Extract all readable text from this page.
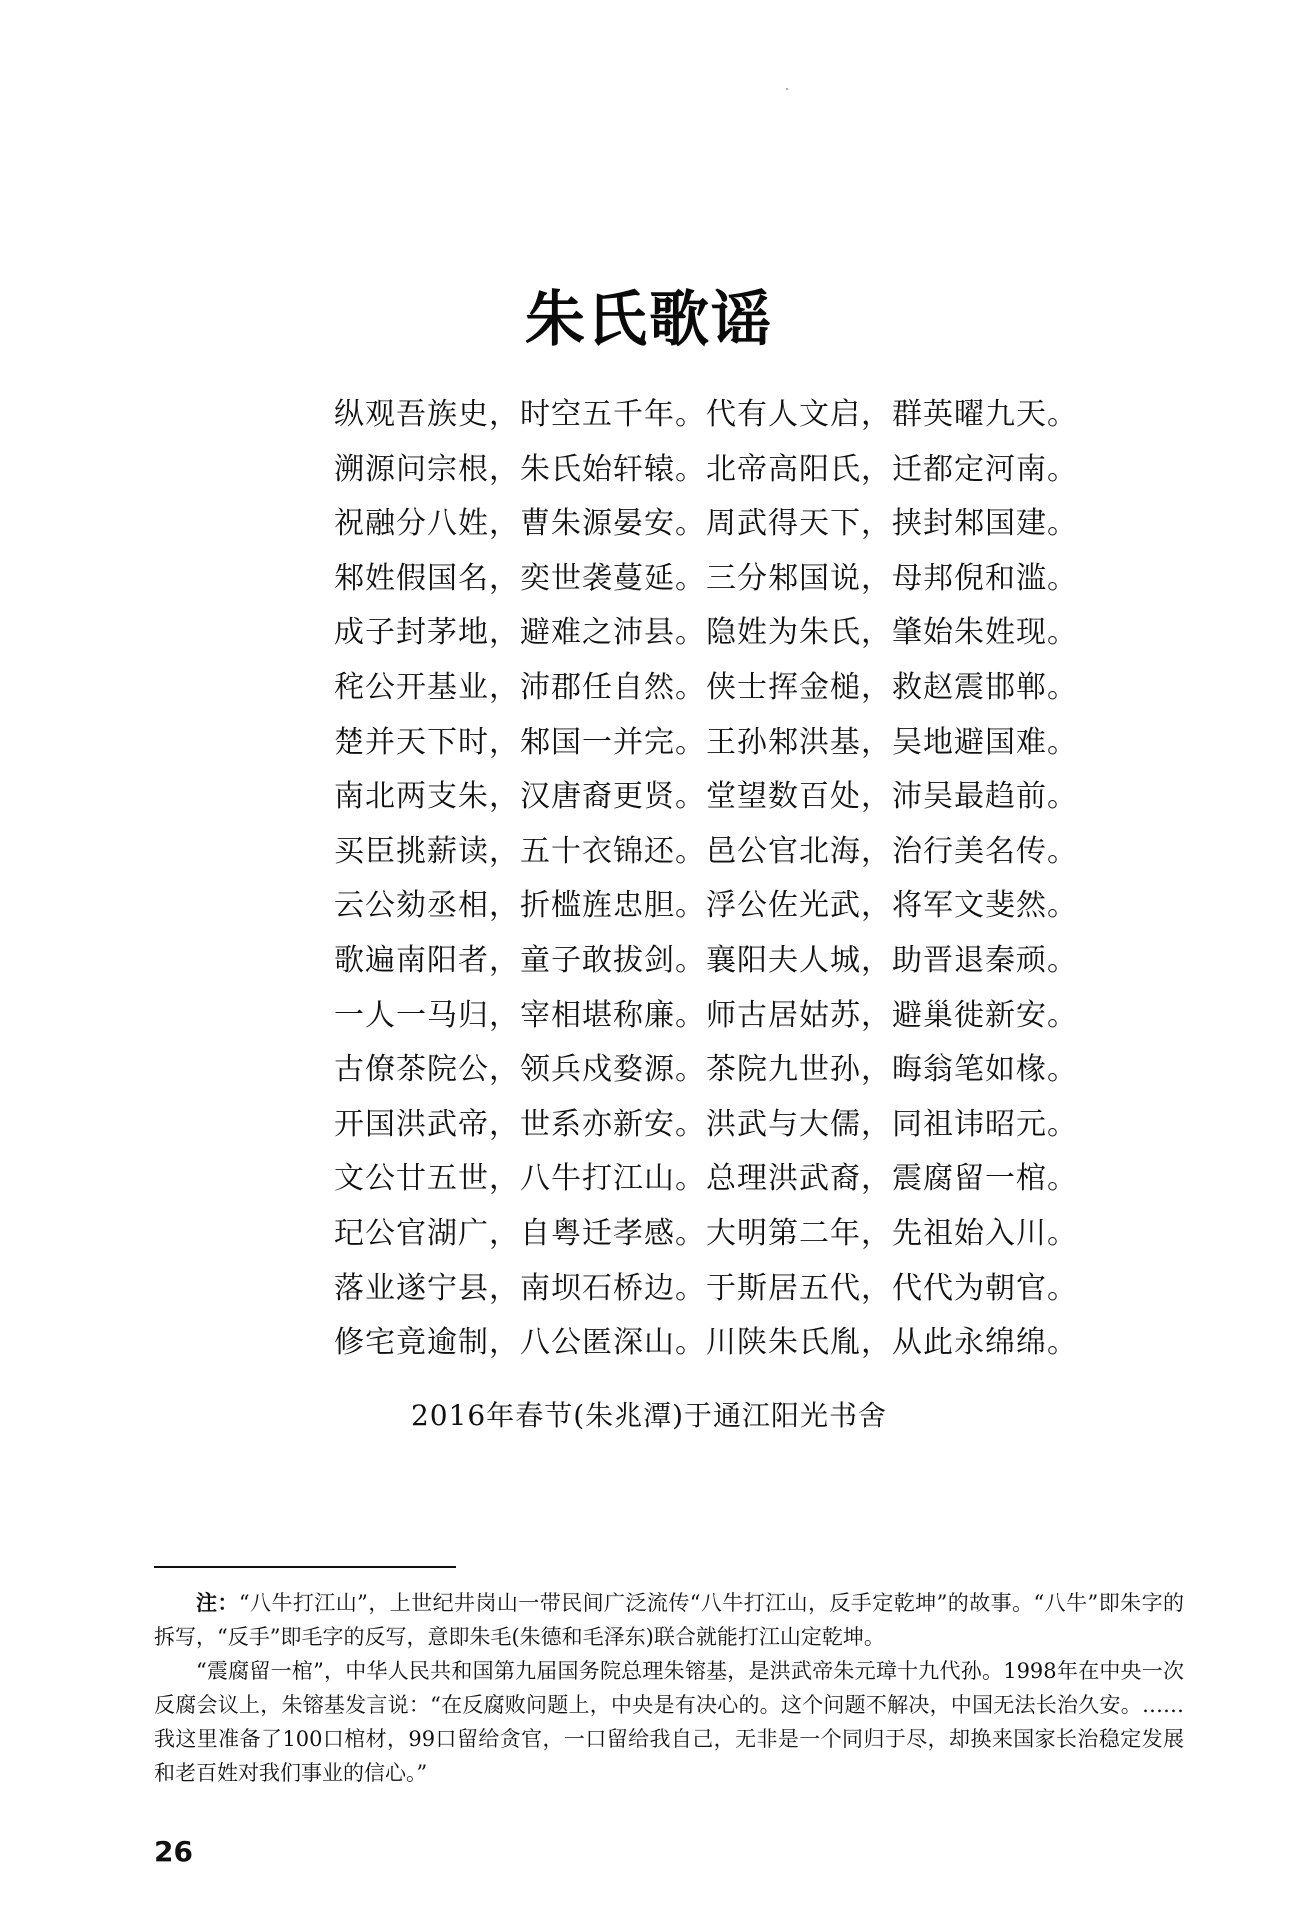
朱氏歌谣
纵观吾族史，时空五千年。代有人文启，群英曜九天。
溯源问宗根，朱氏始轩辕。北帝高阳氏，迁都定河南。
祝融分八姓，曹朱源晏安。周武得天下，挟封邾国建。
邾姓假国名，奕世袭蔓延。三分邾国说，母邦倪和滥。
成子封茅地，避难之沛县。隐姓为朱氏，肇始朱姓现。
秺公开基业，沛郡任自然。侠士挥金槌，救赵震邯郸。
楚并天下时，邾国一并完。王孙邾洪基，吴地避国难。
南北两支朱，汉唐裔更贤。堂望数百处，沛吴最趋前。
买臣挑薪读，五十衣锦还。邑公官北海，治行美名传。
云公劾丞相，折槛旌忠胆。浮公佐光武，将军文斐然。
歌遍南阳者，童子敢拔剑。襄阳夫人城，助晋退秦顽。
一人一马归，宰相堪称廉。师古居姑苏，避巢徙新安。
古僚茶院公，领兵戍婺源。茶院九世孙，晦翁笔如椽。
开国洪武帝，世系亦新安。洪武与大儒，同祖讳昭元。
文公廿五世，八牛打江山。总理洪武裔，震腐留一棺。
玘公官湖广，自粤迁孝感。大明第二年，先祖始入川。
落业遂宁县，南坝石桥边。于斯居五代，代代为朝官。
修宅竟逾制，八公匿深山。川陕朱氏胤，从此永绵绵。
2016年春节(朱兆潭)于通江阳光书舍

注：“八牛打江山”，上世纪井岗山一带民间广泛流传“八牛打江山，反手定乾坤”的故事。“八牛”即朱字的拆写，“反手”即毛字的反写，意即朱毛(朱德和毛泽东)联合就能打江山定乾坤。

“震腐留一棺”，中华人民共和国第九届国务院总理朱镕基，是洪武帝朱元璋十九代孙。1998年在中央一次反腐会议上，朱镕基发言说：“在反腐败问题上，中央是有决心的。这个问题不解决，中国无法长治久安。……我这里准备了100口棺材，99口留给贪官，一口留给我自己，无非是一个同归于尽，却换来国家长治稳定发展和老百姓对我们事业的信心。”

26
